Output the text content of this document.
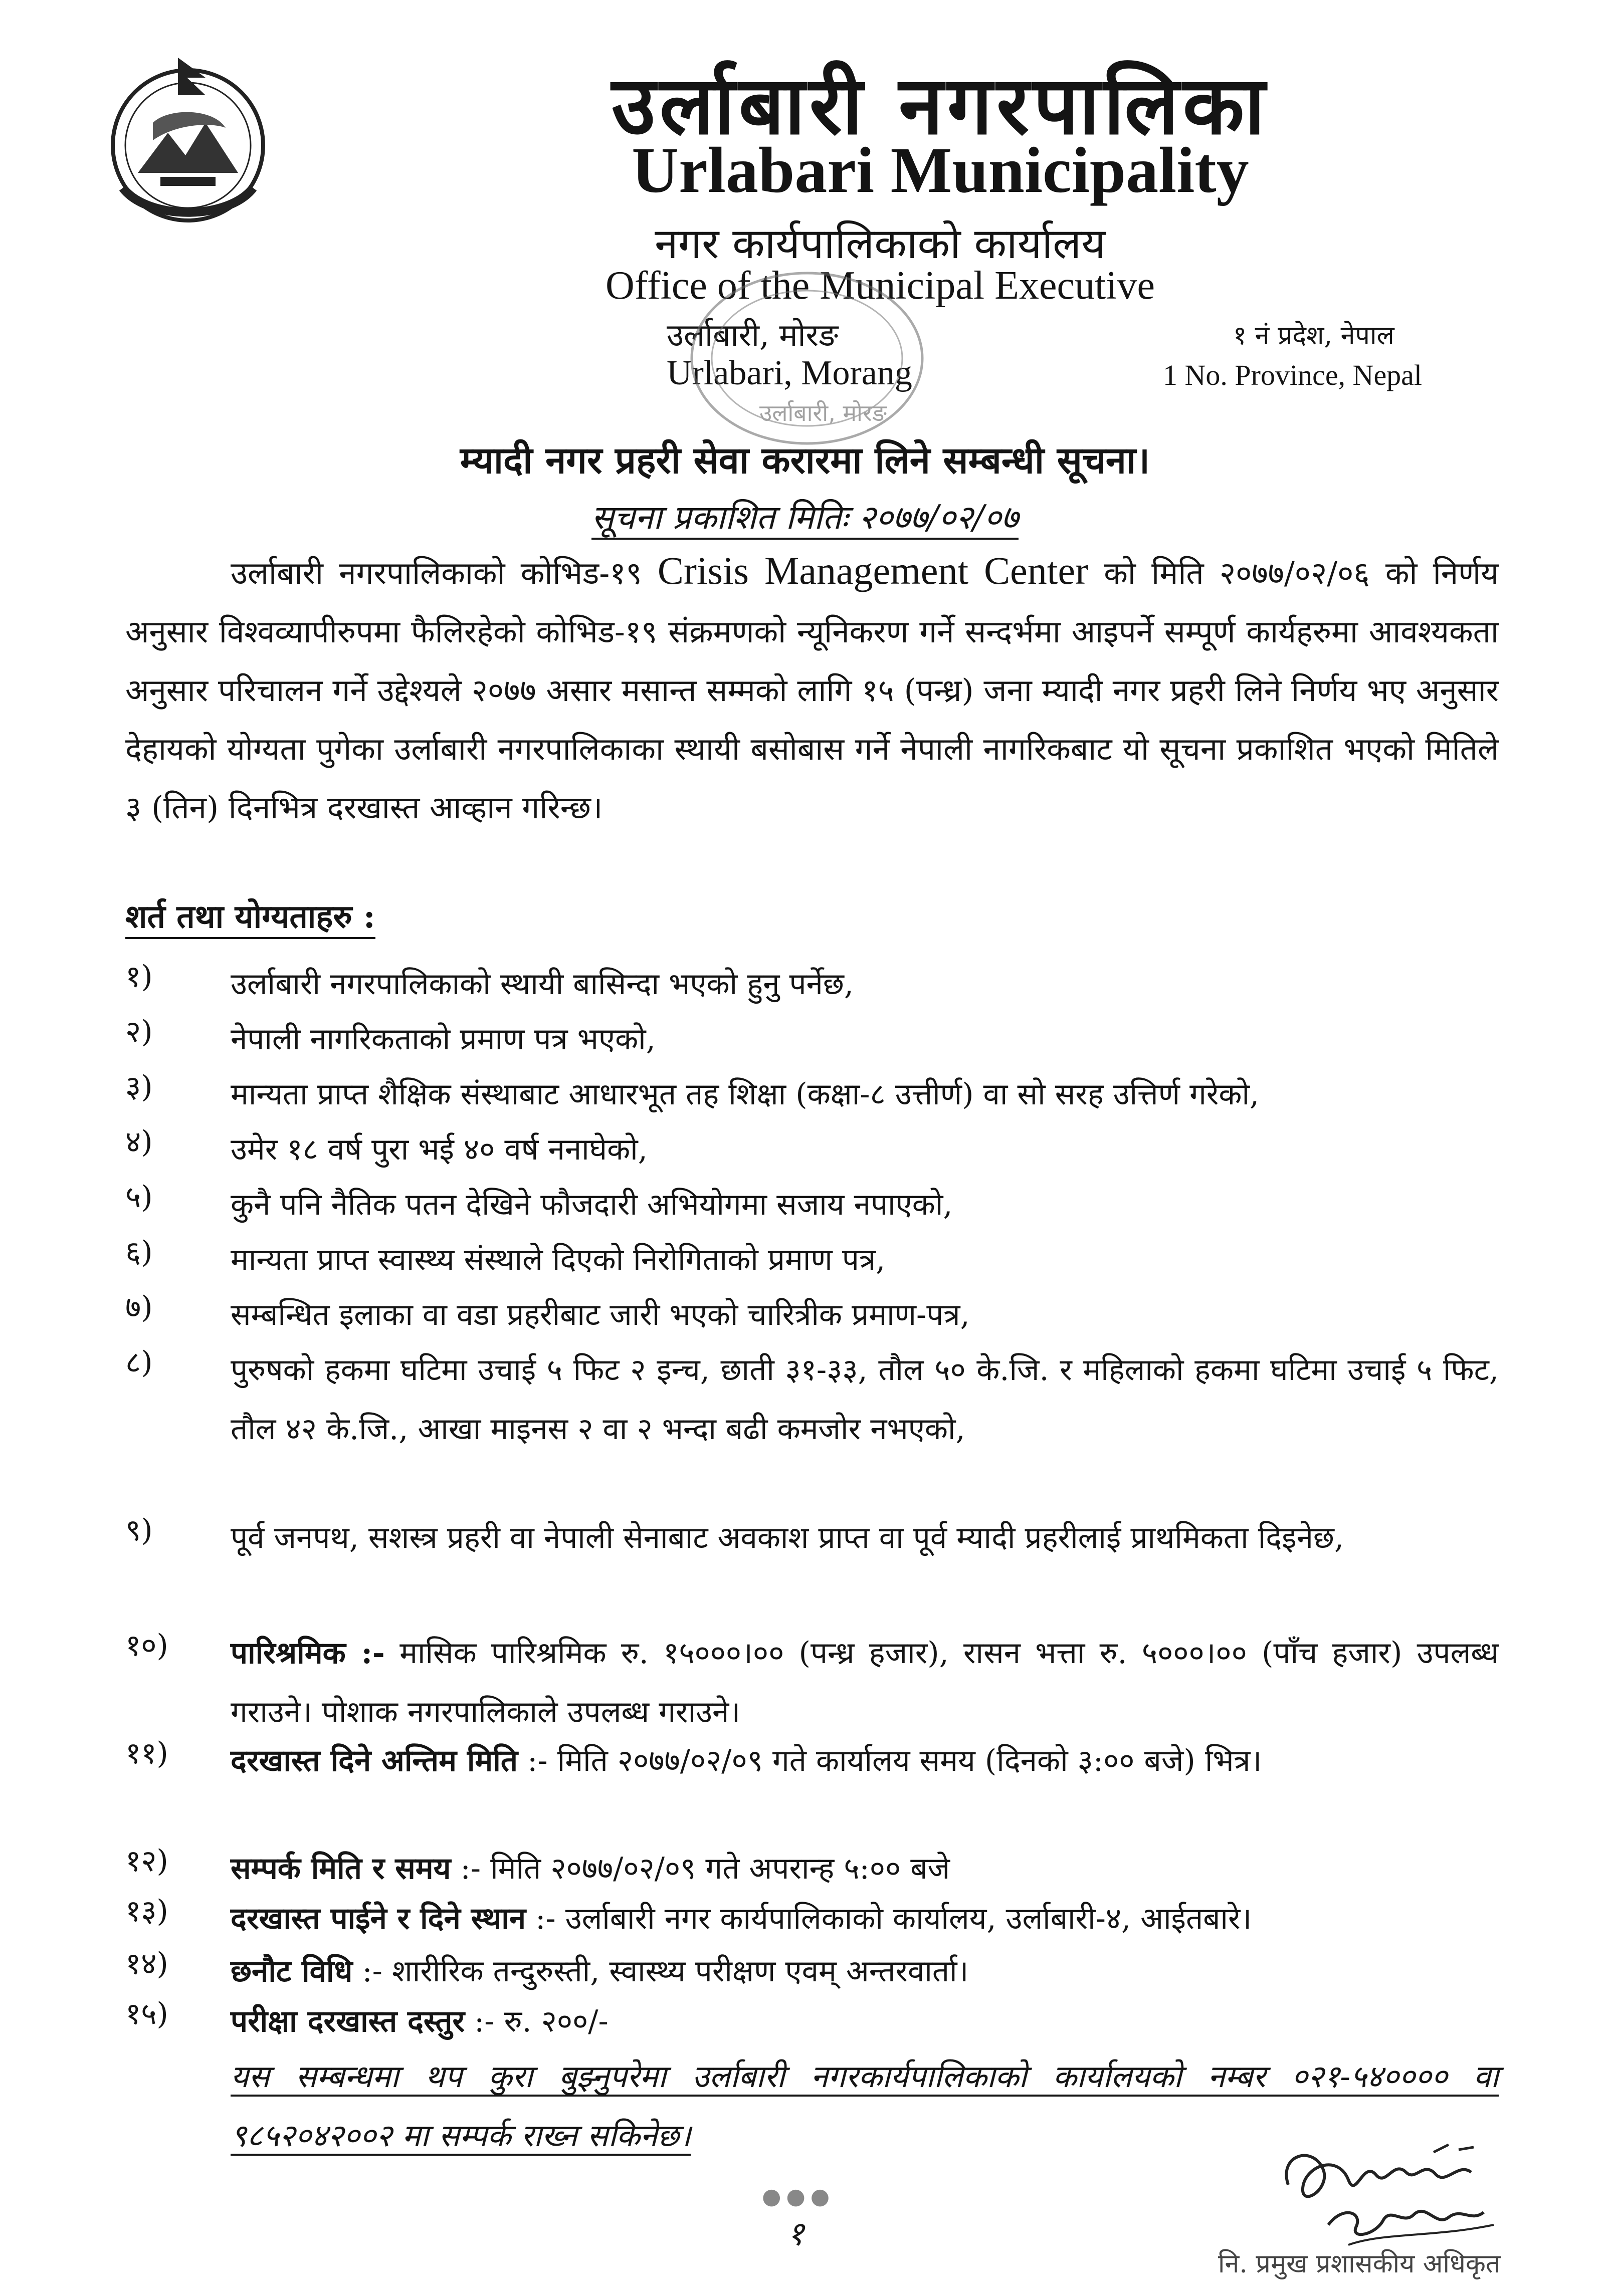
उर्लाबारी नगरपालिका
Urlabari Municipality
नगर कार्यपालिकाको कार्यालय
Office of the Municipal Executive
उर्लाबारी, मोरङ
Urlabari, Morang
१ नं प्रदेश, नेपाल
1 No. Province, Nepal
उर्लाबारी, मोरङ
म्यादी नगर प्रहरी सेवा करारमा लिने सम्बन्धी सूचना।
सूचना प्रकाशित मितिः २०७७/०२/०७
उर्लाबारी नगरपालिकाको कोभिड-१९ Crisis Management Center को मिति २०७७/०२/०६ को निर्णय अनुसार विश्वव्यापीरुपमा फैलिरहेको कोभिड-१९ संक्रमणको न्यूनिकरण गर्ने सन्दर्भमा आइपर्ने सम्पूर्ण कार्यहरुमा आवश्यकता अनुसार परिचालन गर्ने उद्देश्यले २०७७ असार मसान्त सम्मको लागि १५ (पन्ध्र) जना म्यादी नगर प्रहरी लिने निर्णय भए अनुसार देहायको योग्यता पुगेका उर्लाबारी नगरपालिकाका स्थायी बसोबास गर्ने नेपाली नागरिकबाट यो सूचना प्रकाशित भएको मितिले ३ (तिन) दिनभित्र दरखास्त आव्हान गरिन्छ।
शर्त तथा योग्यताहरु :
१)	उर्लाबारी नगरपालिकाको स्थायी बासिन्दा भएको हुनु पर्नेछ,
२)	नेपाली नागरिकताको प्रमाण पत्र भएको,
३)	मान्यता प्राप्त शैक्षिक संस्थाबाट आधारभूत तह शिक्षा (कक्षा-८ उत्तीर्ण) वा सो सरह उत्तिर्ण गरेको,
४)	उमेर १८ वर्ष पुरा भई ४० वर्ष ननाघेको,
५)	कुनै पनि नैतिक पतन देखिने फौजदारी अभियोगमा सजाय नपाएको,
६)	मान्यता प्राप्त स्वास्थ्य संस्थाले दिएको निरोगिताको प्रमाण पत्र,
७)	सम्बन्धित इलाका वा वडा प्रहरीबाट जारी भएको चारित्रीक प्रमाण-पत्र,
८)	पुरुषको हकमा घटिमा उचाई ५ फिट २ इन्च, छाती ३१-३३, तौल ५० के.जि. र महिलाको हकमा घटिमा उचाई ५ फिट, तौल ४२ के.जि., आखा माइनस २ वा २ भन्दा बढी कमजोर नभएको,
९)	पूर्व जनपथ, सशस्त्र प्रहरी वा नेपाली सेनाबाट अवकाश प्राप्त वा पूर्व म्यादी प्रहरीलाई प्राथमिकता दिइनेछ,
१०) पारिश्रमिक :- मासिक पारिश्रमिक रु. १५०००।०० (पन्ध्र हजार), रासन भत्ता रु. ५०००।०० (पाँच हजार) उपलब्ध गराउने। पोशाक नगरपालिकाले उपलब्ध गराउने।
११) दरखास्त दिने अन्तिम मिति :- मिति २०७७/०२/०९ गते कार्यालय समय (दिनको ३:०० बजे) भित्र।
१२) सम्पर्क मिति र समय :- मिति २०७७/०२/०९ गते अपरान्ह ५:०० बजे
१३) दरखास्त पाईने र दिने स्थान :- उर्लाबारी नगर कार्यपालिकाको कार्यालय, उर्लाबारी-४, आईतबारे।
१४) छनौट विधि :- शारीरिक तन्दुरुस्ती, स्वास्थ्य परीक्षण एवम् अन्तरवार्ता।
१५) परीक्षा दरखास्त दस्तुर :- रु. २००/-
यस सम्बन्धमा थप कुरा बुझ्नुपरेमा उर्लाबारी नगरकार्यपालिकाको कार्यालयको नम्बर ०२१-५४०००० वा ९८५२०४२००२ मा सम्पर्क राख्न सकिनेछ।
●●●
१
नि. प्रमुख प्रशासकीय अधिकृत
